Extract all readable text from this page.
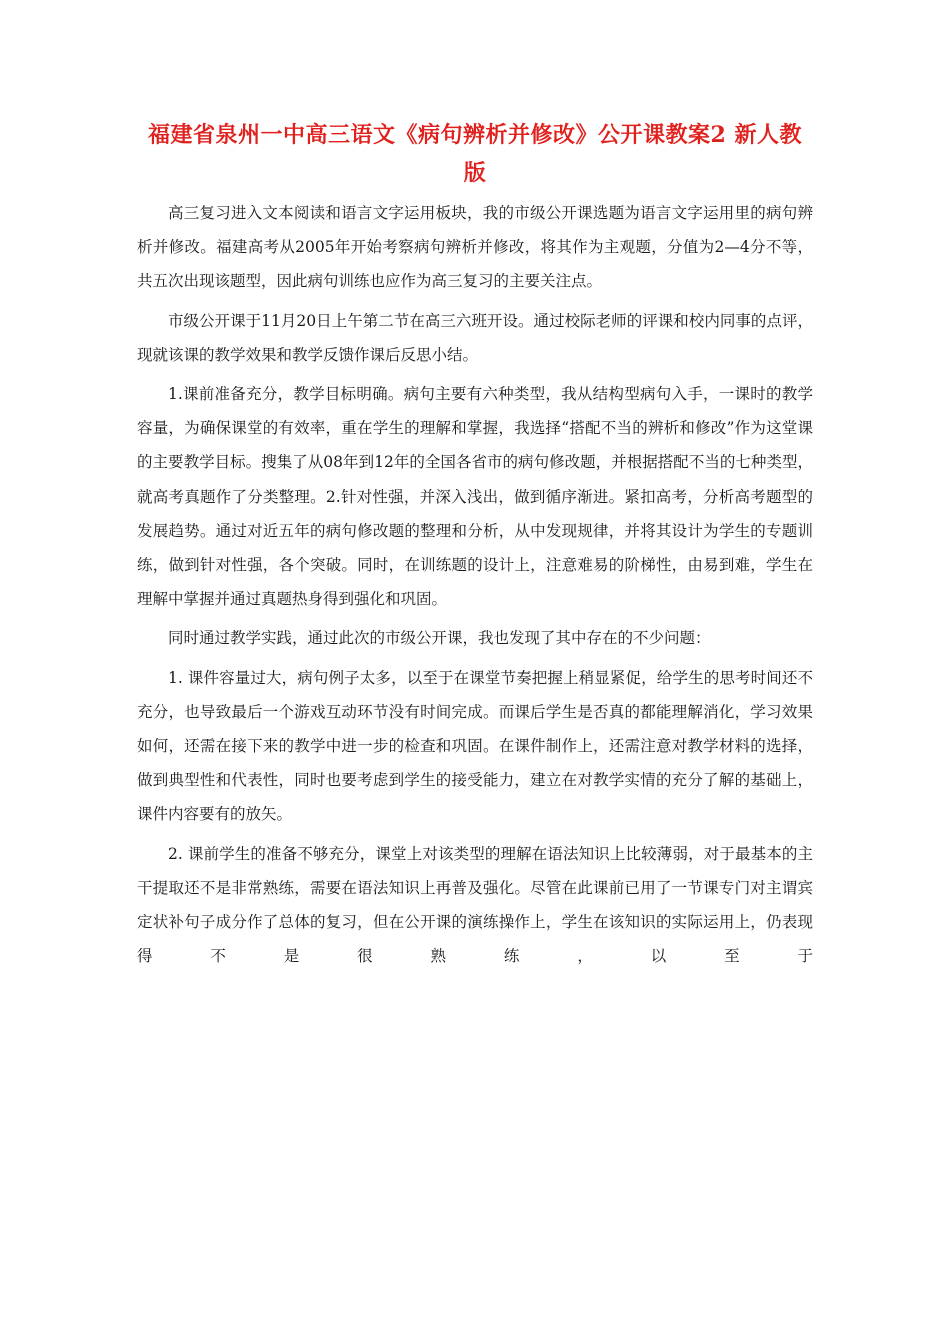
福建省泉州一中高三语文《病句辨析并修改》公开课教案2 新人教版

高三复习进入文本阅读和语言文字运用板块，我的市级公开课选题为语言文字运用里的病句辨析并修改。福建高考从2005年开始考察病句辨析并修改，将其作为主观题，分值为2—4分不等，共五次出现该题型，因此病句训练也应作为高三复习的主要关注点。

市级公开课于11月20日上午第二节在高三六班开设。通过校际老师的评课和校内同事的点评，现就该课的教学效果和教学反馈作课后反思小结。

1.课前准备充分，教学目标明确。病句主要有六种类型，我从结构型病句入手，一课时的教学容量，为确保课堂的有效率，重在学生的理解和掌握，我选择“搭配不当的辨析和修改”作为这堂课的主要教学目标。搜集了从08年到12年的全国各省市的病句修改题，并根据搭配不当的七种类型，就高考真题作了分类整理。2.针对性强，并深入浅出，做到循序渐进。紧扣高考，分析高考题型的发展趋势。通过对近五年的病句修改题的整理和分析，从中发现规律，并将其设计为学生的专题训练，做到针对性强，各个突破。同时，在训练题的设计上，注意难易的阶梯性，由易到难，学生在理解中掌握并通过真题热身得到强化和巩固。

同时通过教学实践，通过此次的市级公开课，我也发现了其中存在的不少问题：

1. 课件容量过大，病句例子太多，以至于在课堂节奏把握上稍显紧促，给学生的思考时间还不充分，也导致最后一个游戏互动环节没有时间完成。而课后学生是否真的都能理解消化，学习效果如何，还需在接下来的教学中进一步的检查和巩固。在课件制作上，还需注意对教学材料的选择，做到典型性和代表性，同时也要考虑到学生的接受能力，建立在对教学实情的充分了解的基础上，课件内容要有的放矢。

2. 课前学生的准备不够充分，课堂上对该类型的理解在语法知识上比较薄弱，对于最基本的主干提取还不是非常熟练，需要在语法知识上再普及强化。尽管在此课前已用了一节课专门对主谓宾定状补句子成分作了总体的复习，但在公开课的演练操作上，学生在该知识的实际运用上，仍表现得不是很熟练，以至于
